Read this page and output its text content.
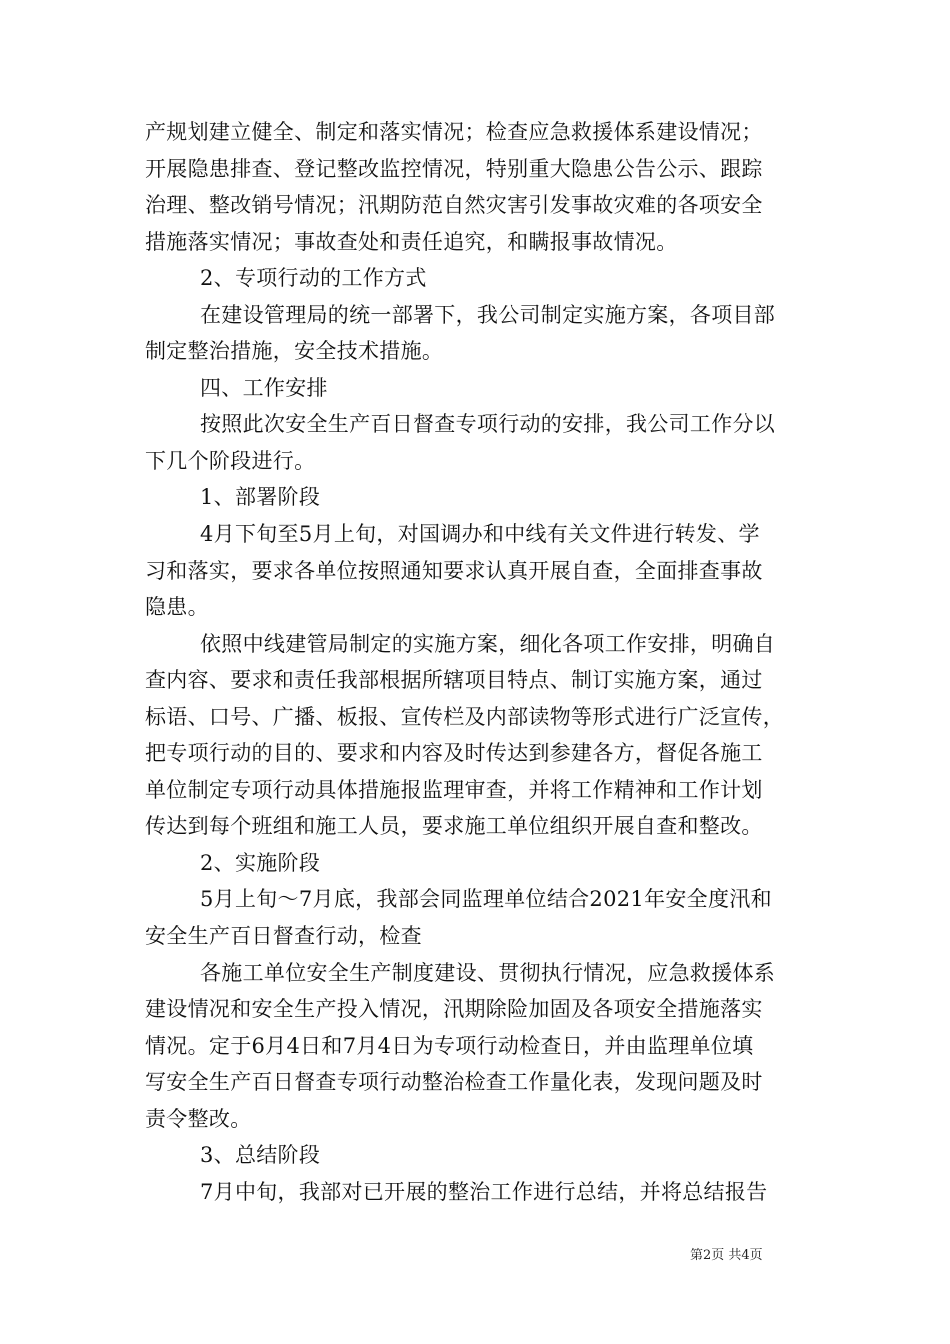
产规划建立健全、制定和落实情况；检查应急救援体系建设情况；
开展隐患排查、登记整改监控情况，特别重大隐患公告公示、跟踪
治理、整改销号情况；汛期防范自然灾害引发事故灾难的各项安全
措施落实情况；事故查处和责任追究，和瞒报事故情况。
2、专项行动的工作方式
在建设管理局的统一部署下，我公司制定实施方案，各项目部
制定整治措施，安全技术措施。
四、工作安排
按照此次安全生产百日督查专项行动的安排，我公司工作分以
下几个阶段进行。
1、部署阶段
4月下旬至5月上旬，对国调办和中线有关文件进行转发、学
习和落实，要求各单位按照通知要求认真开展自查，全面排查事故
隐患。
依照中线建管局制定的实施方案，细化各项工作安排，明确自
查内容、要求和责任我部根据所辖项目特点、制订实施方案，通过
标语、口号、广播、板报、宣传栏及内部读物等形式进行广泛宣传，
把专项行动的目的、要求和内容及时传达到参建各方，督促各施工
单位制定专项行动具体措施报监理审查，并将工作精神和工作计划
传达到每个班组和施工人员，要求施工单位组织开展自查和整改。
2、实施阶段
5月上旬～7月底，我部会同监理单位结合2021年安全度汛和
安全生产百日督查行动，检查
各施工单位安全生产制度建设、贯彻执行情况，应急救援体系
建设情况和安全生产投入情况，汛期除险加固及各项安全措施落实
情况。定于6月4日和7月4日为专项行动检查日，并由监理单位填
写安全生产百日督查专项行动整治检查工作量化表，发现问题及时
责令整改。
3、总结阶段
7月中旬，我部对已开展的整治工作进行总结，并将总结报告
第2页 共4页
